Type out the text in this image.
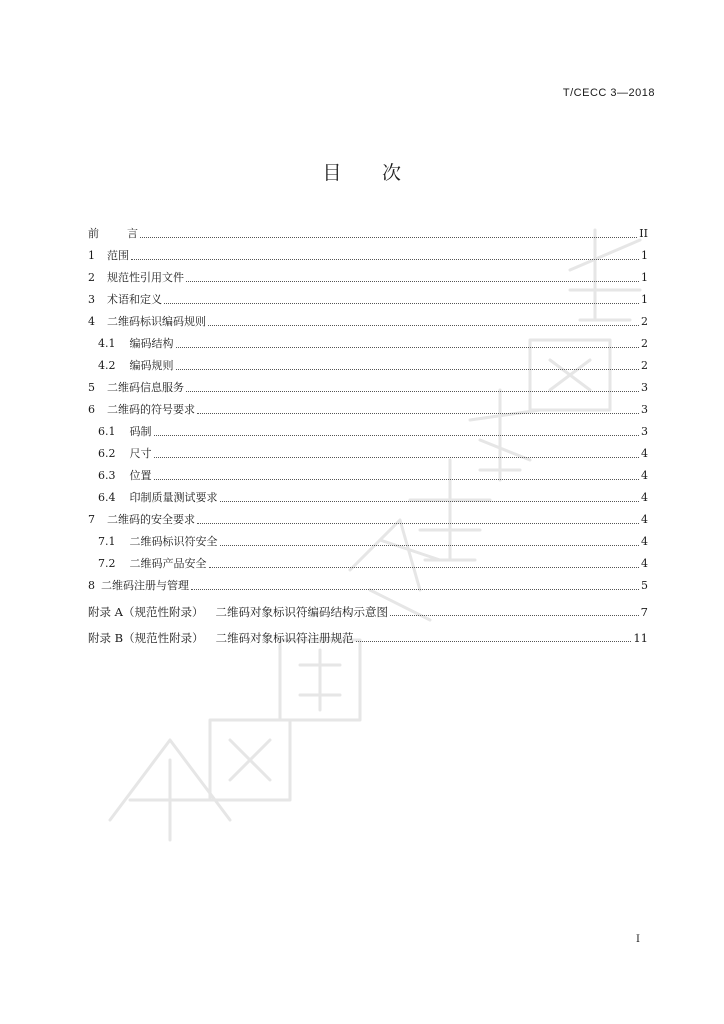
全国团体标准信息平台
T/CECC 3—2018
目 次
前	言	II
1 范围	1
2 规范性引用文件	1
3 术语和定义	1
4 二维码标识编码规则	2
4.1 编码结构	2
4.2 编码规则	2
5 二维码信息服务	3
6 二维码的符号要求	3
6.1 码制	3
6.2 尺寸	4
6.3 位置	4
6.4 印制质量测试要求	4
7 二维码的安全要求	4
7.1 二维码标识符安全	4
7.2 二维码产品安全	4
8 二维码注册与管理	5
附录 A（规范性附录） 二维码对象标识符编码结构示意图	7
附录 B（规范性附录） 二维码对象标识符注册规范	11
I
